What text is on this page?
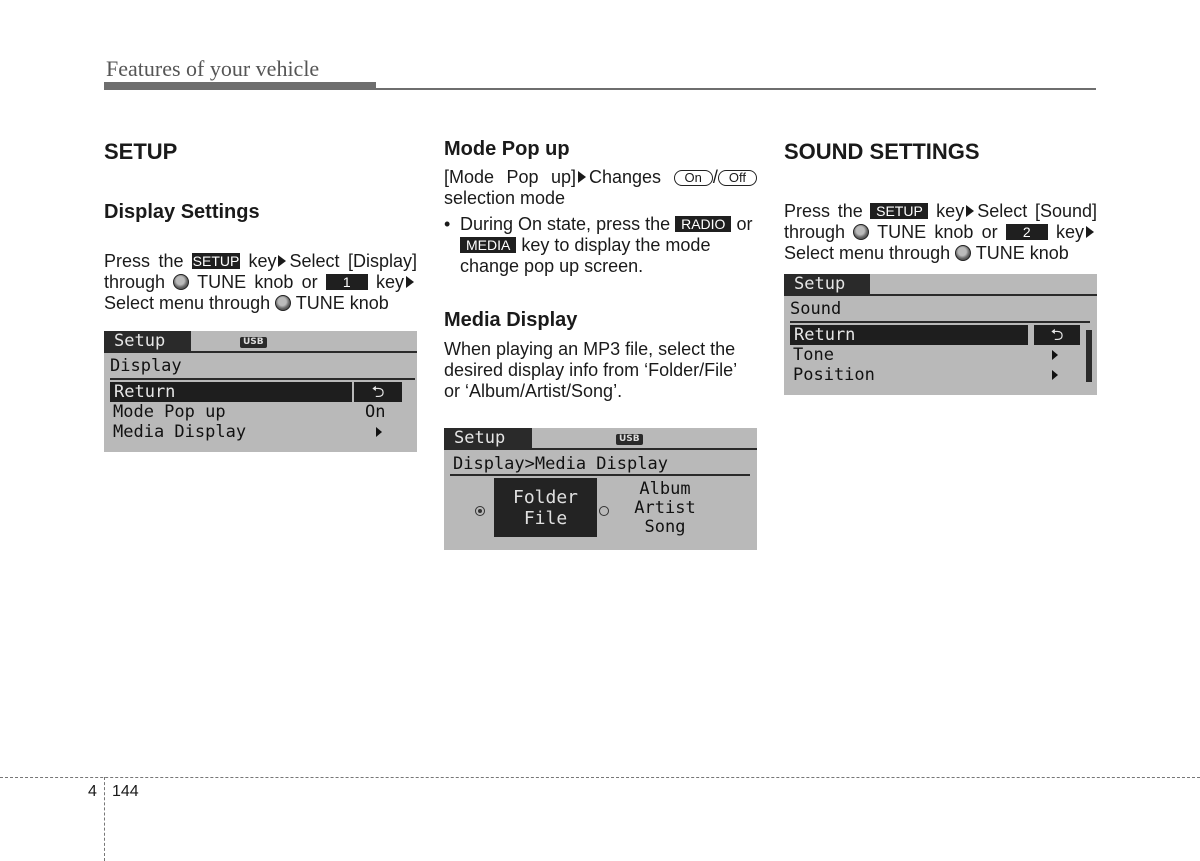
Features of your vehicle
SETUP
Display Settings

Press the SETUP key Select [Display] through  TUNE knob or 1 keySelect menu through  TUNE knob

Setup	USB
Display
Return	⮌
Mode Pop up	On
Media Display
Mode Pop up

[Mode Pop up] Changes On / Off selection mode

• During On state, press the RADIO or MEDIA key to display the mode change pop up screen.
Media Display

When playing an MP3 file, select the desired display info from ‘Folder/File’ or ‘Album/Artist/Song’.

Setup	USB
Display>Media Display
Folder
File
Album
Artist
Song
SOUND SETTINGS

Press the SETUP key Select [Sound] through  TUNE knob or 2 keySelect menu through  TUNE knob

Setup
Sound
Return	⮌
Tone
Position
4 144
